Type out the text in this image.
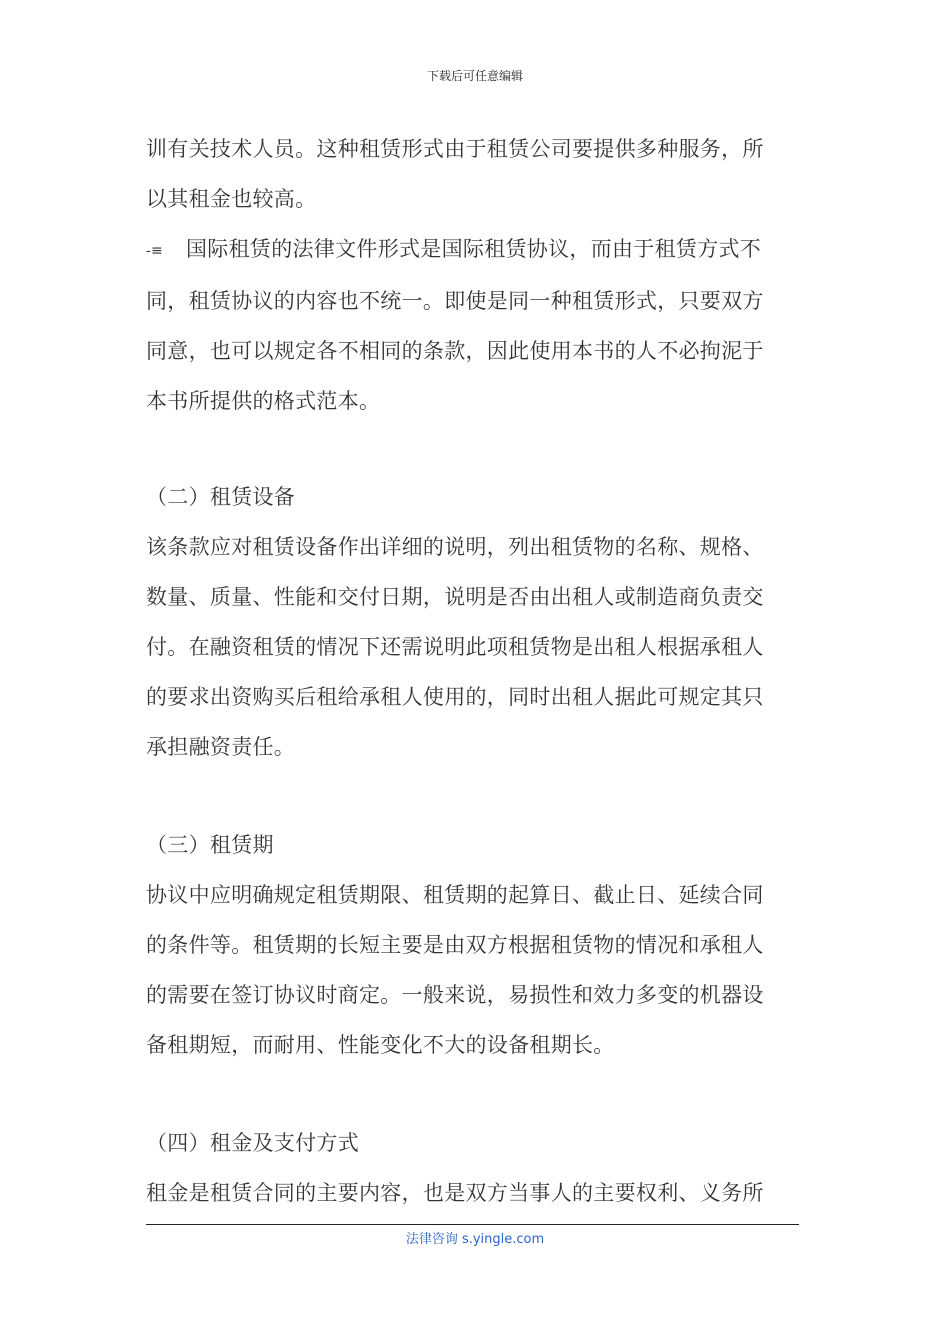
下载后可任意编辑
训有关技术人员。这种租赁形式由于租赁公司要提供多种服务，所
以其租金也较高。
-≡ 国际租赁的法律文件形式是国际租赁协议，而由于租赁方式不
同，租赁协议的内容也不统一。即使是同一种租赁形式，只要双方
同意，也可以规定各不相同的条款，因此使用本书的人不必拘泥于
本书所提供的格式范本。
（二）租赁设备
该条款应对租赁设备作出详细的说明，列出租赁物的名称、规格、
数量、质量、性能和交付日期，说明是否由出租人或制造商负责交
付。在融资租赁的情况下还需说明此项租赁物是出租人根据承租人
的要求出资购买后租给承租人使用的，同时出租人据此可规定其只
承担融资责任。
（三）租赁期
协议中应明确规定租赁期限、租赁期的起算日、截止日、延续合同
的条件等。租赁期的长短主要是由双方根据租赁物的情况和承租人
的需要在签订协议时商定。一般来说，易损性和效力多变的机器设
备租期短，而耐用、性能变化不大的设备租期长。
（四）租金及支付方式
租金是租赁合同的主要内容，也是双方当事人的主要权利、义务所
法律咨询 s.yingle.com
